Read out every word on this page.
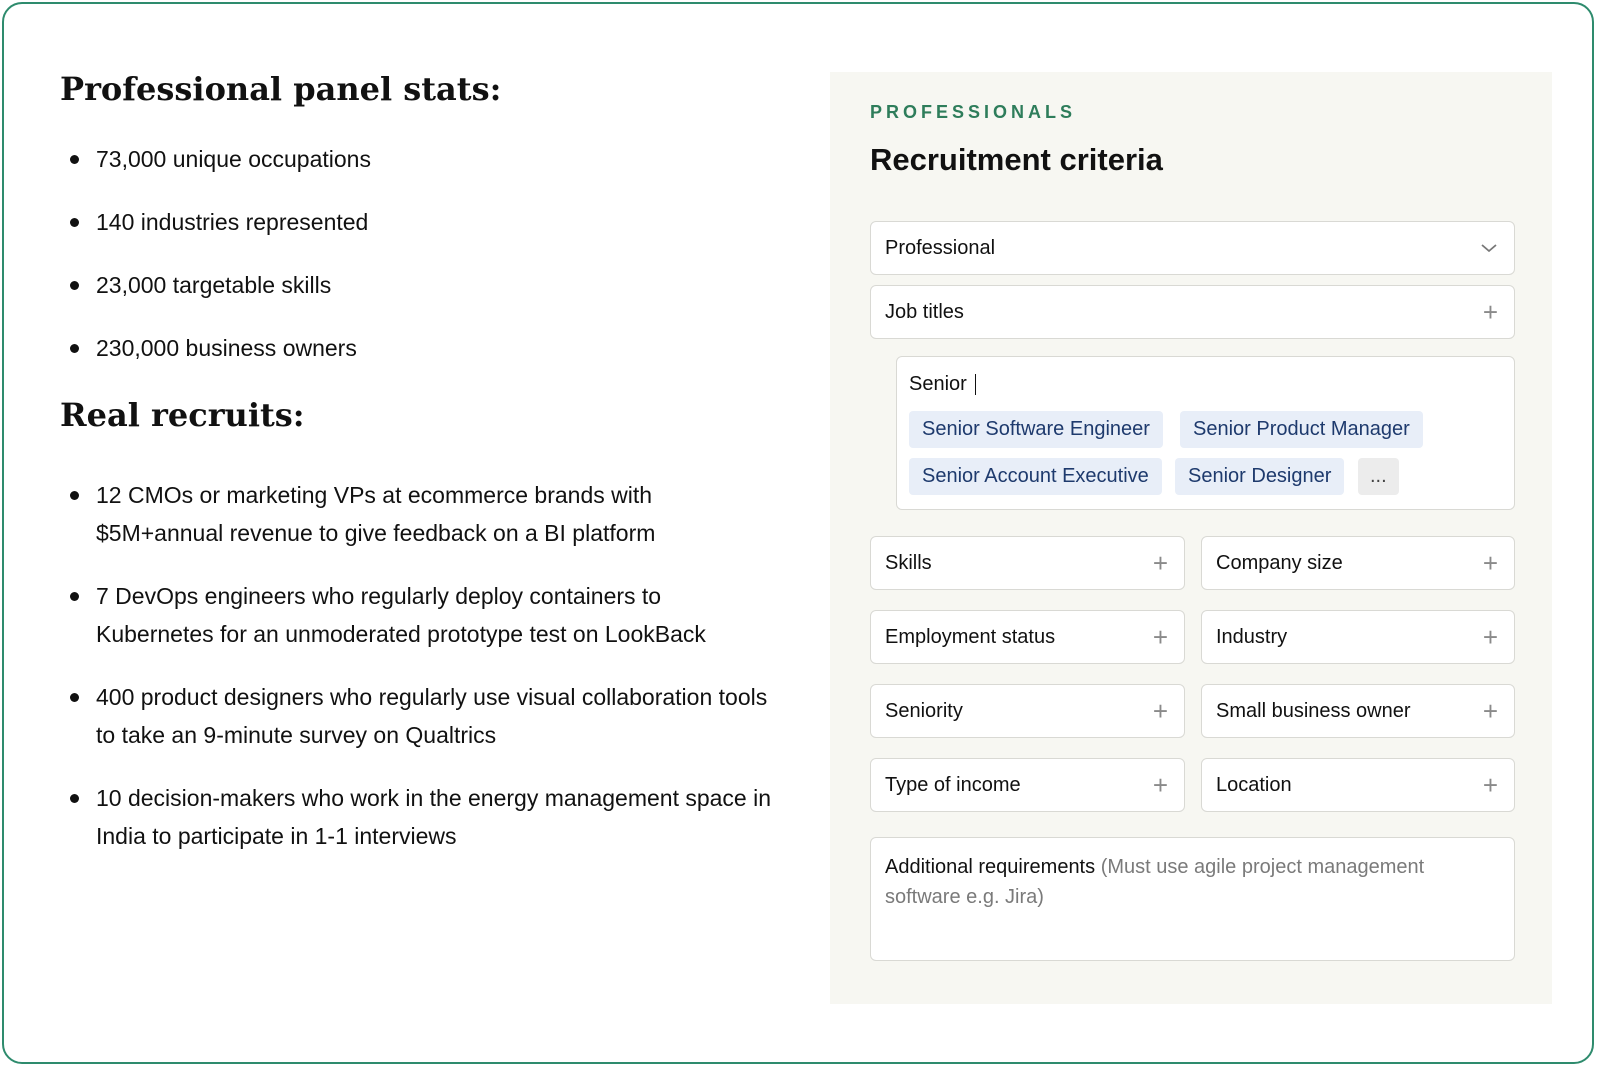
Professional panel stats:
73,000 unique occupations
140 industries represented
23,000 targetable skills
230,000 business owners
Real recruits:
12 CMOs or marketing VPs at ecommerce brands with $5M+annual revenue to give feedback on a BI platform
7 DevOps engineers who regularly deploy containers to Kubernetes for an unmoderated prototype test on LookBack
400 product designers who regularly use visual collaboration tools to take an 9-minute survey on Qualtrics
10 decision-makers who work in the energy management space in India to participate in 1-1 interviews
PROFESSIONALS
Recruitment criteria
Professional
Job titles	+
Senior
Senior Software Engineer	Senior Product Manager
Senior Account Executive	Senior Designer	...
Skills	+ Company size	+
Employment status	+ Industry	+
Seniority	+ Small business owner	+
Type of income	+ Location	+
Additional requirements (Must use agile project management software e.g. Jira)
